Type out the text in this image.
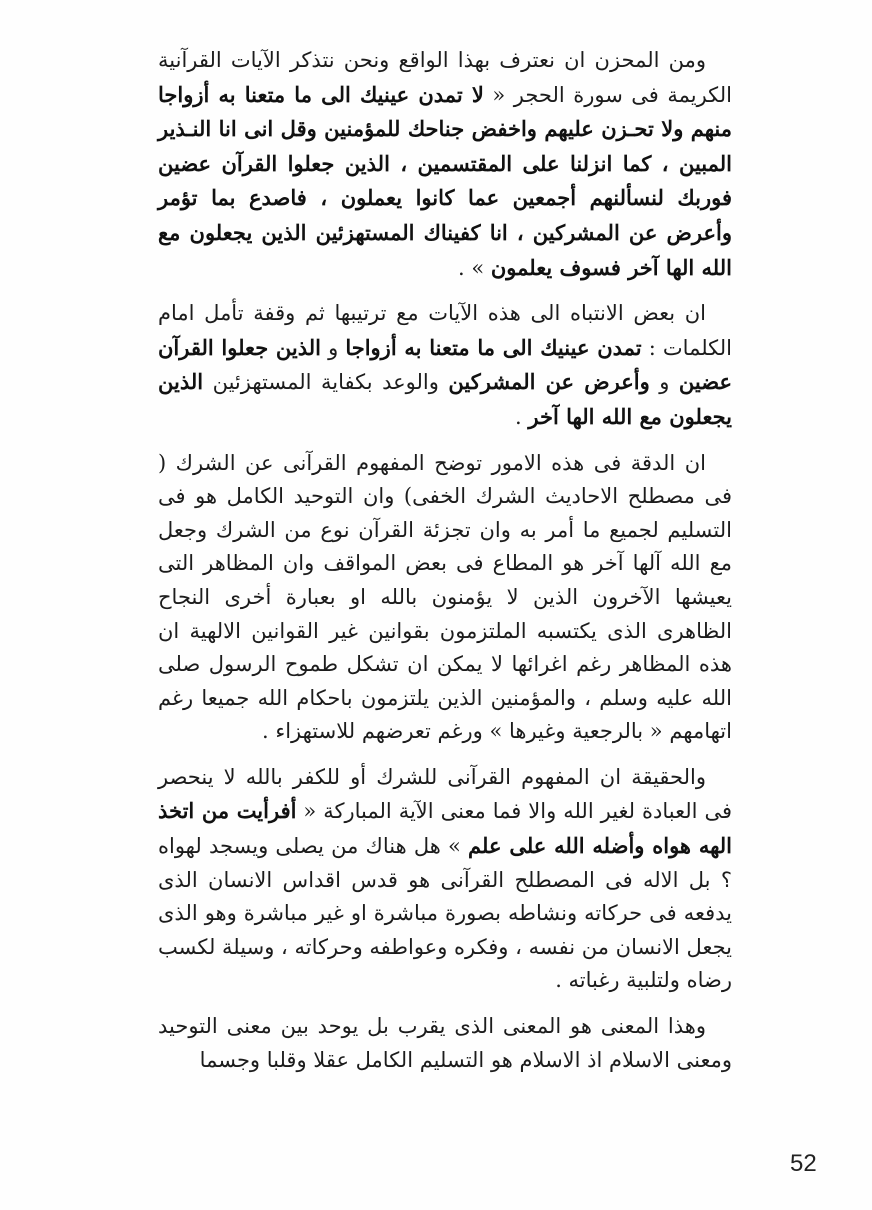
ومن المحزن ان نعترف بهذا الواقع ونحن نتذكر الآيات القرآنية الكريمة فى سورة الحجر « لا تمدن عينيك الى ما متعنا به أزواجا منهم ولا تحـزن عليهم واخفض جناحك للمؤمنين وقل انى انا النـذير المبين ، كما انزلنا على المقتسمين ، الذين جعلوا القرآن عضين فوربك لنسألنهم أجمعين عما كانوا يعملون ، فاصدع بما تؤمر وأعرض عن المشركين ، انا كفيناك المستهزئين الذين يجعلون مع الله الها آخر فسوف يعلمون » .

ان بعض الانتباه الى هذه الآيات مع ترتيبها ثم وقفة تأمل امام الكلمات : تمدن عينيك الى ما متعنا به أزواجا و الذين جعلوا القرآن عضين و وأعرض عن المشركين والوعد بكفاية المستهزئين الذين يجعلون مع الله الها آخر .

ان الدقة فى هذه الامور توضح المفهوم القرآنى عن الشرك ( فى مصطلح الاحاديث الشرك الخفى) وان التوحيد الكامل هو فى التسليم لجميع ما أمر به وان تجزئة القرآن نوع من الشرك وجعل مع الله آلها آخر هو المطاع فى بعض المواقف وان المظاهر التى يعيشها الآخرون الذين لا يؤمنون بالله او بعبارة أخرى النجاح الظاهرى الذى يكتسبه الملتزمون بقوانين غير القوانين الالهية ان هذه المظاهر رغم اغرائها لا يمكن ان تشكل طموح الرسول صلى الله عليه وسلم ، والمؤمنين الذين يلتزمون باحكام الله جميعا رغم اتهامهم « بالرجعية وغيرها » ورغم تعرضهم للاستهزاء .

والحقيقة ان المفهوم القرآنى للشرك أو للكفر بالله لا ينحصر فى العبادة لغير الله والا فما معنى الآية المباركة « أفرأيت من اتخذ الهه هواه وأضله الله على علم » هل هناك من يصلى ويسجد لهواه ؟ بل الاله فى المصطلح القرآنى هو قدس اقداس الانسان الذى يدفعه فى حركاته ونشاطه بصورة مباشرة او غير مباشرة وهو الذى يجعل الانسان من نفسه ، وفكره وعواطفه وحركاته ، وسيلة لكسب رضاه ولتلبية رغباته .

وهذا المعنى هو المعنى الذى يقرب بل يوحد بين معنى التوحيد ومعنى الاسلام اذ الاسلام هو التسليم الكامل عقلا وقلبا وجسما

52
